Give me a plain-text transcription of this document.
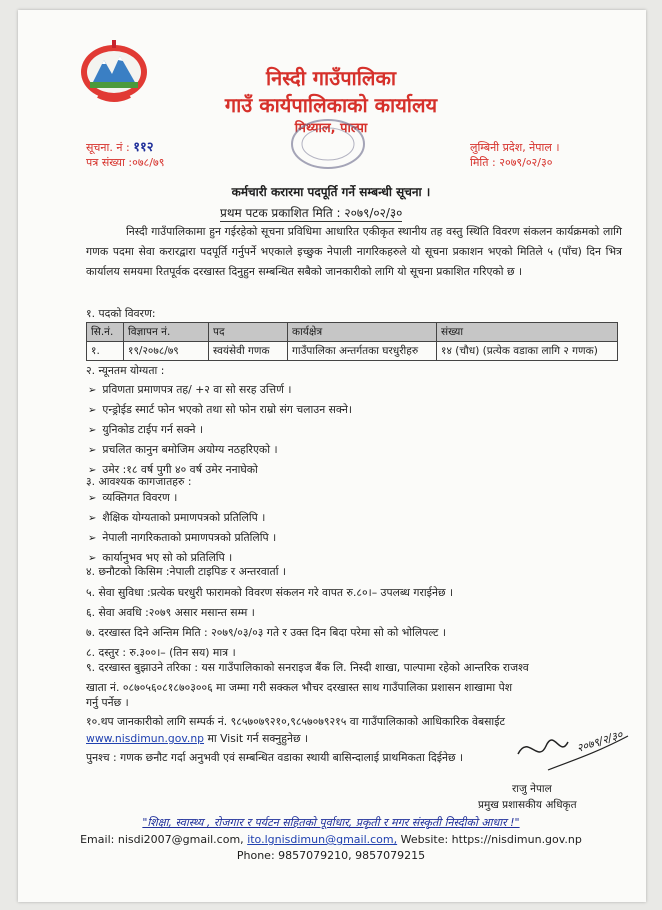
निस्दी गाउँपालिका
गाउँ कार्यपालिकाको कार्यालय
मिथ्याल, पाल्पा
सूचना. नं : ११२
पत्र संख्या :०७८/७९
लुम्बिनी प्रदेश, नेपाल ।
मिति : २०७९/०२/३०
कर्मचारी करारमा पदपूर्ति गर्ने सम्बन्धी सूचना ।
प्रथम पटक प्रकाशित मिति : २०७९/०२/३०
निस्दी गाउँपालिकामा हुन गईरहेको सूचना प्रविधिमा आधारित एकीकृत स्थानीय तह वस्तु स्थिति विवरण संकलन कार्यक्रमको लागि गणक पदमा सेवा करारद्वारा पदपूर्ति गर्नुपर्ने भएकाले इच्छुक नेपाली नागरिकहरुले यो सूचना प्रकाशन भएको मितिले ५ (पाँच) दिन भित्र कार्यालय समयमा रितपूर्वक दरखास्त दिनुहुन सम्बन्धित सबैको जानकारीको लागि यो सूचना प्रकाशित गरिएको छ ।
१. पदको विवरण:
सि.नं.	विज्ञापन नं.	पद	कार्यक्षेत्र	संख्या
१.	१९/२०७८/७९	स्वयंसेवी गणक	गाउँपालिका अन्तर्गतका घरधुरीहरु	१४ (चौध) (प्रत्येक वडाका लागि २ गणक)
२. न्यूनतम योग्यता :
➢ प्रविणता प्रमाणपत्र तह/ +२ वा सो सरह उत्तिर्ण ।
➢ एन्ड्रोईड स्मार्ट फोन भएको तथा सो फोन राम्रो संग चलाउन सक्ने।
➢ युनिकोड टाईप गर्न सक्ने ।
➢ प्रचलित कानुन बमोजिम अयोग्य नठहरिएको ।
➢ उमेर :१८ वर्ष पुगी ४० वर्ष उमेर ननाघेको
३. आवश्यक कागजातहरु :
➢ व्यक्तिगत विवरण ।
➢ शैक्षिक योग्यताको प्रमाणपत्रको प्रतिलिपि ।
➢ नेपाली नागरिकताको प्रमाणपत्रको प्रतिलिपि ।
➢ कार्यानुभव भए सो को प्रतिलिपि ।
४. छनौटको किसिम :नेपाली टाइपिङ र अन्तरवार्ता ।
५. सेवा सुविधा :प्रत्येक घरधुरी फारामको विवरण संकलन गरे वापत रु.८०।– उपलब्ध गराईनेछ ।
६. सेवा अवधि :२०७९ असार मसान्त सम्म ।
७. दरखास्त दिने अन्तिम मिति : २०७९/०३/०३ गते र उक्त दिन बिदा परेमा सो को भोलिपल्ट ।
८. दस्तुर : रु.३००।– (तिन सय) मात्र ।
९. दरखास्त बुझाउने तरिका : यस गाउँपालिकाको सनराइज बैंक लि. निस्दी शाखा, पाल्पामा रहेको आन्तरिक राजश्व
खाता नं. ०८७०५६०८१८७०३००६ मा जम्मा गरी सक्कल भौचर दरखास्त साथ गाउँपालिका प्रशासन शाखामा पेश
गर्नु पर्नेछ ।
१०.थप जानकारीको लागि सम्पर्क नं. ९८५७०७९२१०,९८५७०७९२१५ वा गाउँपालिकाको आधिकारिक वेबसाईट
www.nisdimun.gov.np मा Visit गर्न सक्नुहुनेछ ।
पुनश्च : गणक छनौट गर्दा अनुभवी एवं सम्बन्धित वडाका स्थायी बासिन्दालाई प्राथमिकता दिईनेछ ।
२०७९/२/३०
राजु नेपाल
प्रमुख प्रशासकीय अधिकृत
"शिक्षा, स्वास्थ्य , रोजगार र पर्यटन सहितको पूर्वाधार, प्रकृती र मगर संस्कृती निस्दीको आधार !"
Email: nisdi2007@gmail.com, ito.lgnisdimun@gmail.com, Website: https://nisdimun.gov.np
